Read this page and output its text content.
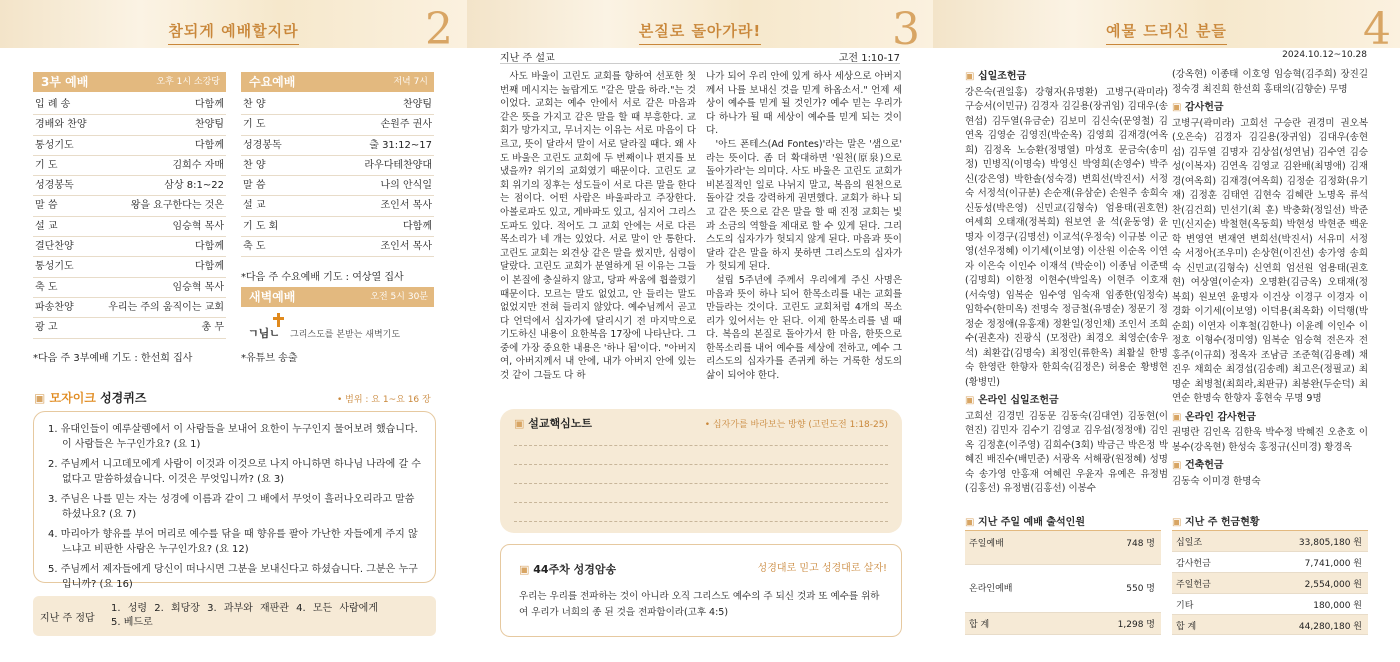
참되게 예배할지라	2
3부 예배	오후 1시 소강당
입 례 송	다함께
경배와 찬양	찬양팀
통성기도	다함께
기 도	김희수 자매
성경봉독	삼상 8:1~22
말 씀	왕을 요구한다는 것은
설 교	임승혁 목사
결단찬양	다함께
통성기도	다함께
축 도	임승혁 목사
파송찬양	우리는 주의 움직이는 교회
광 고	총 무
*다음 주 3부예배 기도 : 한선희 집사
수요예배	저녁 7시
찬 양	찬양팀
기 도	손원주 권사
성경봉독	출 31:12~17
찬 양	라우다테찬양대
말 씀	나의 안식일
설 교	조인서 목사
기 도 회	다함께
축 도	조인서 목사
*다음 주 수요예배 기도 : 여상열 집사
새벽예배	오전 5시 30분
ㄱ님ㄴ 그리스도를 본받는 새벽기도
*유튜브 송출
▣ 모자이크 성경퀴즈	• 범위 : 요 1~요 16 장
1. 유대인들이 예루살렘에서 이 사람들을 보내어 요한이 누구인지 물어보려 했습니다. 이 사람들은 누구인가요? (요 1)
2. 주님께서 니고데모에게 사람이 이것과 이것으로 나지 아니하면 하나님 나라에 갈 수 없다고 말씀하셨습니다. 이것은 무엇입니까? (요 3)
3. 주님은 나를 믿는 자는 성경에 이름과 같이 그 배에서 무엇이 흘러나오리라고 말씀하셨나요? (요 7)
4. 마리아가 향유를 부어 머리로 예수를 닦을 때 향유를 팔아 가난한 자들에게 주지 않느냐고 비판한 사람은 누구인가요? (요 12)
5. 주님께서 제자들에게 당신이 떠나시면 그분을 보내신다고 하셨습니다. 그분은 누구입니까? (요 16)
지난 주 정답
1. 성령 2. 회당장 3. 과부와 재판관 4. 모든 사람에게
5. 베드로
본질로 돌아가라!	3
지난 주 설교	고전 1:10-17

사도 바울이 고린도 교회를 향하여 선포한 첫 번째 메시지는 놀랍게도 "같은 말을 하라."는 것이었다. 교회는 예수 안에서 서로 같은 마음과 같은 뜻을 가지고 같은 말을 할 때 부흥한다. 교회가 망가지고, 무너지는 이유는 서로 마음이 다르고, 뜻이 달라서 말이 서로 달라질 때다. 왜 사도 바울은 고린도 교회에 두 번째이나 편지를 보냈을까? 위기의 교회였기 때문이다. 고린도 교회 위기의 징후는 성도들이 서로 다른 말을 한다는 점이다. 어떤 사람은 바울파라고 주장한다. 아볼로파도 있고, 게바파도 있고, 심지어 그리스도파도 있다. 적어도 그 교회 안에는 서로 다른 목소리가 네 개는 있었다. 서로 말이 안 통한다. 고린도 교회는 외견상 같은 말을 썼지만, 심령이 달랐다. 고린도 교회가 분열하게 된 이유는 그들이 본질에 충실하지 않고, 당파 싸움에 휩쓸렸기 때문이다. 모르는 말도 없었고, 안 들리는 말도 없었지만 전혀 들리지 않았다. 예수님께서 곧고다 언덕에서 십자가에 달리시기 전 마지막으로 기도하신 내용이 요한복음 17장에 나타난다. 그중에 가장 중요한 내용은 '하나 됨'이다. "아버지여, 아버지께서 내 안에, 내가 아버지 안에 있는 것 같이 그들도 다 하

나가 되어 우리 안에 있게 하사 세상으로 아버지께서 나를 보내신 것을 믿게 하옵소서." 언제 세상이 예수를 믿게 될 것인가? 예수 믿는 우리가 다 하나가 될 때 세상이 예수를 믿게 되는 것이다.

'아드 폰테스(Ad Fontes)'라는 말은 '샘으로' 라는 뜻이다. 좀 더 확대하면 '원천(原泉)으로 돌아가라'는 의미다. 사도 바울은 고린도 교회가 비본질적인 일로 나뉘지 말고, 복음의 원천으로 돌아갈 것을 강력하게 권면했다. 교회가 하나 되고 같은 뜻으로 같은 말을 할 때 진정 교회는 빛과 소금의 역할을 제대로 할 수 있게 된다. 그리스도의 십자가가 헛되지 않게 된다. 마음과 뜻이 달라 같은 말을 하지 못하면 그리스도의 십자가가 헛되게 된다.

설립 5주년에 주께서 우리에게 주신 사명은 마음과 뜻이 하나 되어 한목소리를 내는 교회를 만들라는 것이다. 고린도 교회처럼 4개의 목소리가 있어서는 안 된다. 이제 한목소리를 낼 때다. 복음의 본질로 돌아가서 한 마음, 한뜻으로 한목소리를 내어 예수를 세상에 전하고, 예수 그리스도의 십자가를 존귀케 하는 거룩한 성도의 삶이 되어야 한다.

▣ 설교핵심노트	• 십자가를 바라보는 방향 (고린도전 1:18-25)
▣ 44주차 성경암송	성경대로 믿고 성경대로 살자!
우리는 우리를 전파하는 것이 아니라 오직 그리스도 예수의 주 되신 것과 또 예수를 위하여 우리가 너희의 종 된 것을 전파함이라(고후 4:5)
예물 드리신 분들	4
2024.10.12~10.28
▣ 십일조헌금

강은숙(권일홍) 강형자(유명환) 고병구(곽미라) 구승서(이민규) 김경자 김길용(장귀임) 김대우(송현섭) 김두열(유금순) 김보미 김신숙(문영철) 김연옥 김영순 김영진(박순옥) 김영희 김재경(여옥희) 김정옥 노승환(정명열) 마성호 문금숙(송미정) 민병직(이명숙) 박영신 박영희(손영수) 박주신(강은영) 박한솔(성숙경) 변희선(박진서) 서정숙 서정석(이규분) 손순재(유삼순) 손원주 송희숙 신동성(박은영) 신민교(김형숙) 엄용태(권호현) 여세희 오태재(정복희) 원보연 윤 석(윤동영) 윤명자 이경구(김명선) 이교석(우정숙) 이규봉 이군영(선우정혜) 이기세(이보영) 이산원 이순옥 이연자 이은숙 이인수 이재석 (박순이) 이종님 이준택(김명희) 이한정 이현수(박일옥) 이현주 이호재(서숙영) 임복순 임수영 임숙재 임종한(임정숙) 임학수(한미옥) 전명숙 정금철(유명순) 정문기 정정순 정정애(유홍재) 정환일(정인채) 조인서 조희수(권혼자) 진광식 (모정란) 최경오 최영순(송우석) 최환갑(김명숙) 최정인(류한옥) 최활실 한명숙 한영란 한향자 한희숙(김정은) 허용순 황병현(황병민)

▣ 온라인 십일조헌금

고희선 김경민 김동문 김동숙(김대연) 김동현(이현진) 김민자 김수기 김영교 김우섭(정정애) 김인옥 김정훈(이주영) 김희수(3회) 박금근 박은정 박혜진 배진수(배민준) 서광옥 서해광(원정혜) 성명숙 송가영 안홍재 여혜린 우윤자 유예은 유정범(김홍선) 유정범(김홍선) 이봉수

(강옥현) 이종태 이호영 임승혁(김주희) 장진길 정숙경 최진희 한선희 홍태의(김향순) 무명

▣ 감사헌금

고병구(곽미라) 고희선 구승란 권경미 권오복(오은숙) 김경자 김길용(장귀임) 김대우(송현섭) 김두열 김명자 김상섭(성연님) 김수연 김승성(이복자) 김연옥 김영교 김완배(최명애) 김재경(여옥희) 김재경(여옥희) 김정순 김정화(유기재) 김정훈 김태연 김현숙 김혜란 노명옥 류석찬(김건희) 민선기(최 훈) 박충화(정일선) 박준민(신지순) 박철현(옥동희) 박현성 박현준 백운학 변영연 변재연 변희선(박진서) 서유미 서정숙 서정아(조우미) 손상현(이진선) 송가영 송희숙 신민교(김형숙) 신연희 엄선원 엄용태(권호현) 여상열(이순자) 오명환(김금옥) 오태재(정복희) 원보연 윤명자 이건상 이경구 이경자 이경화 이기세(이보영) 이덕용(최옥화) 이덕행(박순희) 이연자 이후철(김한나) 이윤례 이인수 이정호 이형수(정미영) 임복순 임승혁 전은자 전홍주(이규희) 정옥자 조남금 조준혁(김용례) 채진우 채희순 최경섭(김송례) 최고은(정필교) 최명순 최병철(최희라,최판규) 최봉완(두순덕) 최연순 한명숙 한향자 홍현숙 무명 9명

▣ 온라인 감사헌금

권명란 김인옥 김한욱 박수정 박혜진 오춘호 이봉수(강옥현) 한성숙 홍정규(신미경) 황경옥

▣ 건축헌금

김동숙 이미경 한명숙

▣ 지난 주일 예배 출석인원
주일예배	748 명
온라인예배	550 명
합 계	1,298 명
▣ 지난 주 헌금현황
십일조	33,805,180 원
감사헌금	7,741,000 원
주일헌금	2,554,000 원
기타	180,000 원
합 계	44,280,180 원
